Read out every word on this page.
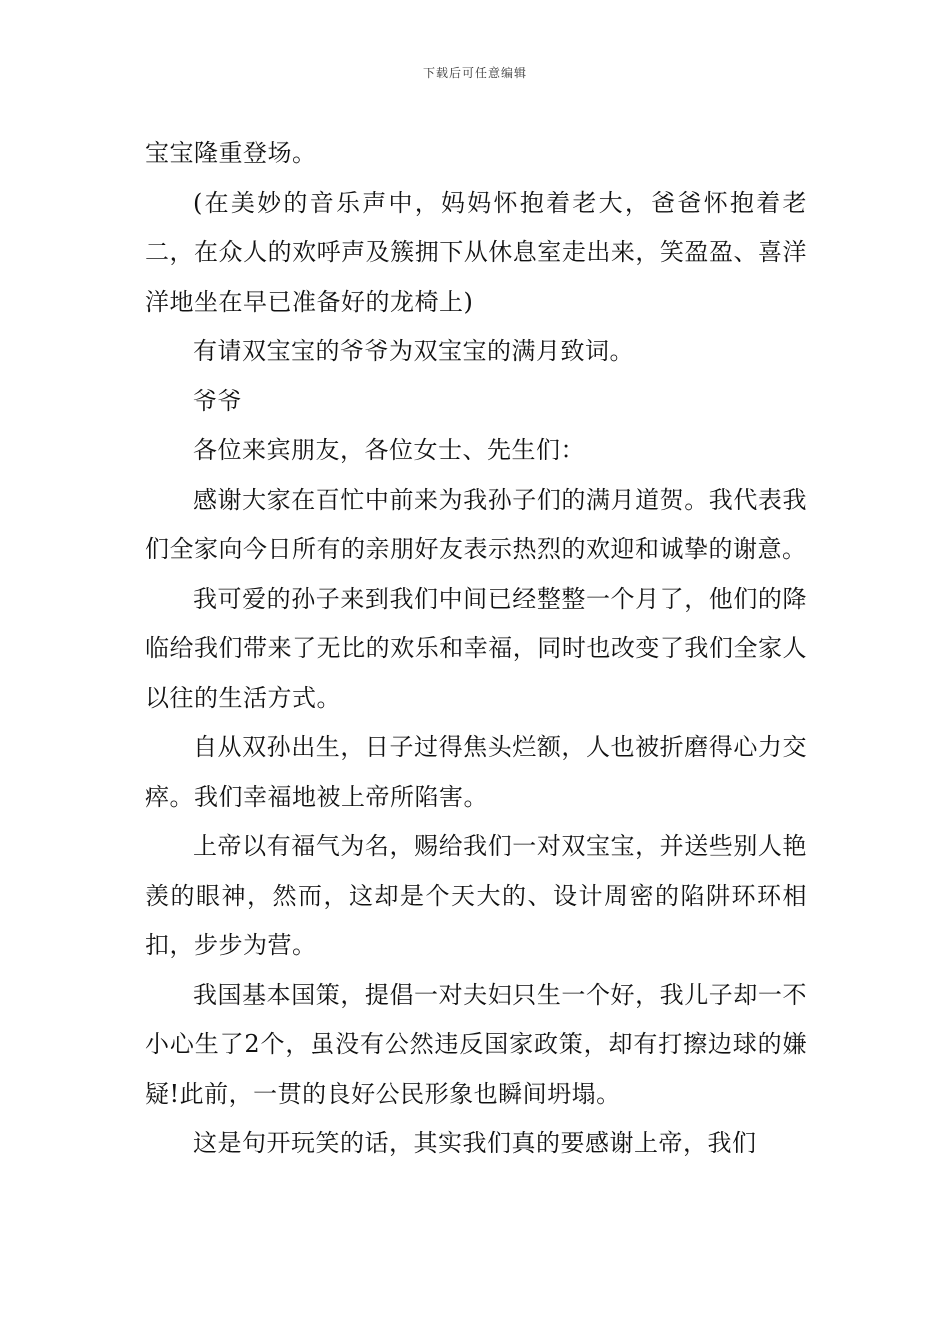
下载后可任意编辑

宝宝隆重登场。

(在美妙的音乐声中，妈妈怀抱着老大，爸爸怀抱着老二，在众人的欢呼声及簇拥下从休息室走出来，笑盈盈、喜洋洋地坐在早已准备好的龙椅上)

有请双宝宝的爷爷为双宝宝的满月致词。

爷爷

各位来宾朋友，各位女士、先生们：

感谢大家在百忙中前来为我孙子们的满月道贺。我代表我们全家向今日所有的亲朋好友表示热烈的欢迎和诚挚的谢意。

我可爱的孙子来到我们中间已经整整一个月了，他们的降临给我们带来了无比的欢乐和幸福，同时也改变了我们全家人以往的生活方式。

自从双孙出生，日子过得焦头烂额，人也被折磨得心力交瘁。我们幸福地被上帝所陷害。

上帝以有福气为名，赐给我们一对双宝宝，并送些别人艳羡的眼神，然而，这却是个天大的、设计周密的陷阱环环相扣，步步为营。

我国基本国策，提倡一对夫妇只生一个好，我儿子却一不小心生了2个，虽没有公然违反国家政策，却有打擦边球的嫌疑!此前，一贯的良好公民形象也瞬间坍塌。

这是句开玩笑的话，其实我们真的要感谢上帝，我们
